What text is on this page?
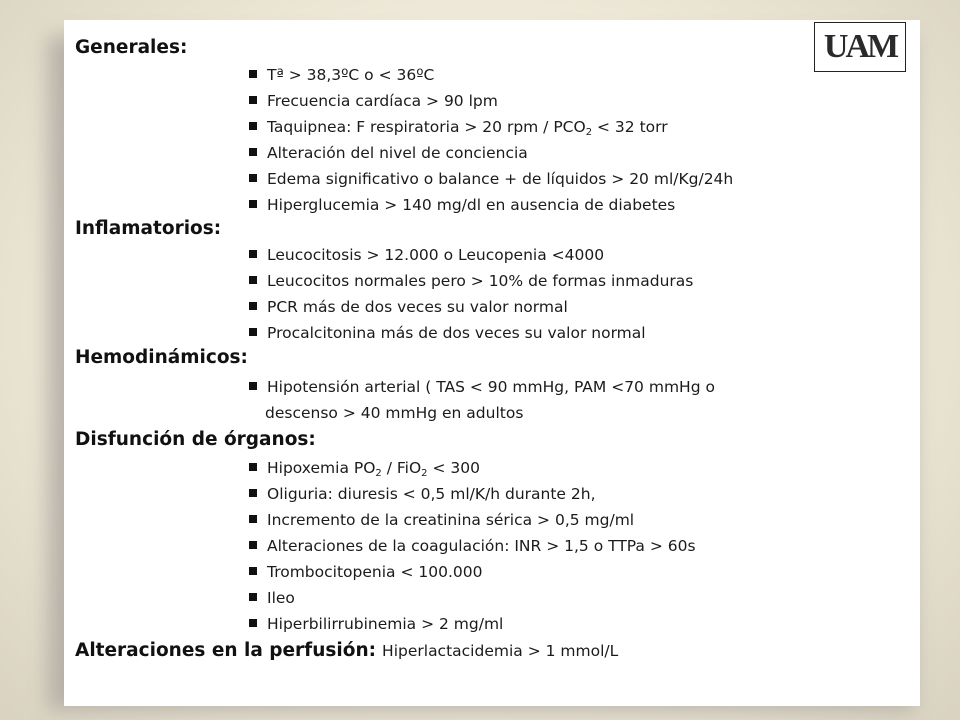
UAM
Generales:
Tª > 38,3ºC o < 36ºC
Frecuencia cardíaca > 90 lpm
Taquipnea: F respiratoria > 20 rpm / $PCO_2 < 32$ torr
Alteración del nivel de conciencia
Edema significativo o balance + de líquidos > 20 ml/Kg/24h
Hiperglucemia > 140 mg/dl en ausencia de diabetes
Inflamatorios:
Leucocitosis > 12.000 o Leucopenia <4000
Leucocitos normales pero > 10% de formas inmaduras
PCR más de dos veces su valor normal
Procalcitonina más de dos veces su valor normal
Hemodinámicos:
Hipotensión arterial ( TAS < 90 mmHg, PAM <70 mmHg o
descenso > 40 mmHg en adultos
Disfunción de órganos:
Hipoxemia $PO_2 / FiO_2 < 300$
Oliguria: diuresis < 0,5 ml/K/h durante 2h,
Incremento de la creatinina sérica > 0,5 mg/ml
Alteraciones de la coagulación: INR > 1,5 o TTPa > 60s
Trombocitopenia < 100.000
Ileo
Hiperbilirrubinemia > 2 mg/ml
Alteraciones en la perfusión: Hiperlactacidemia > 1 mmol/L
